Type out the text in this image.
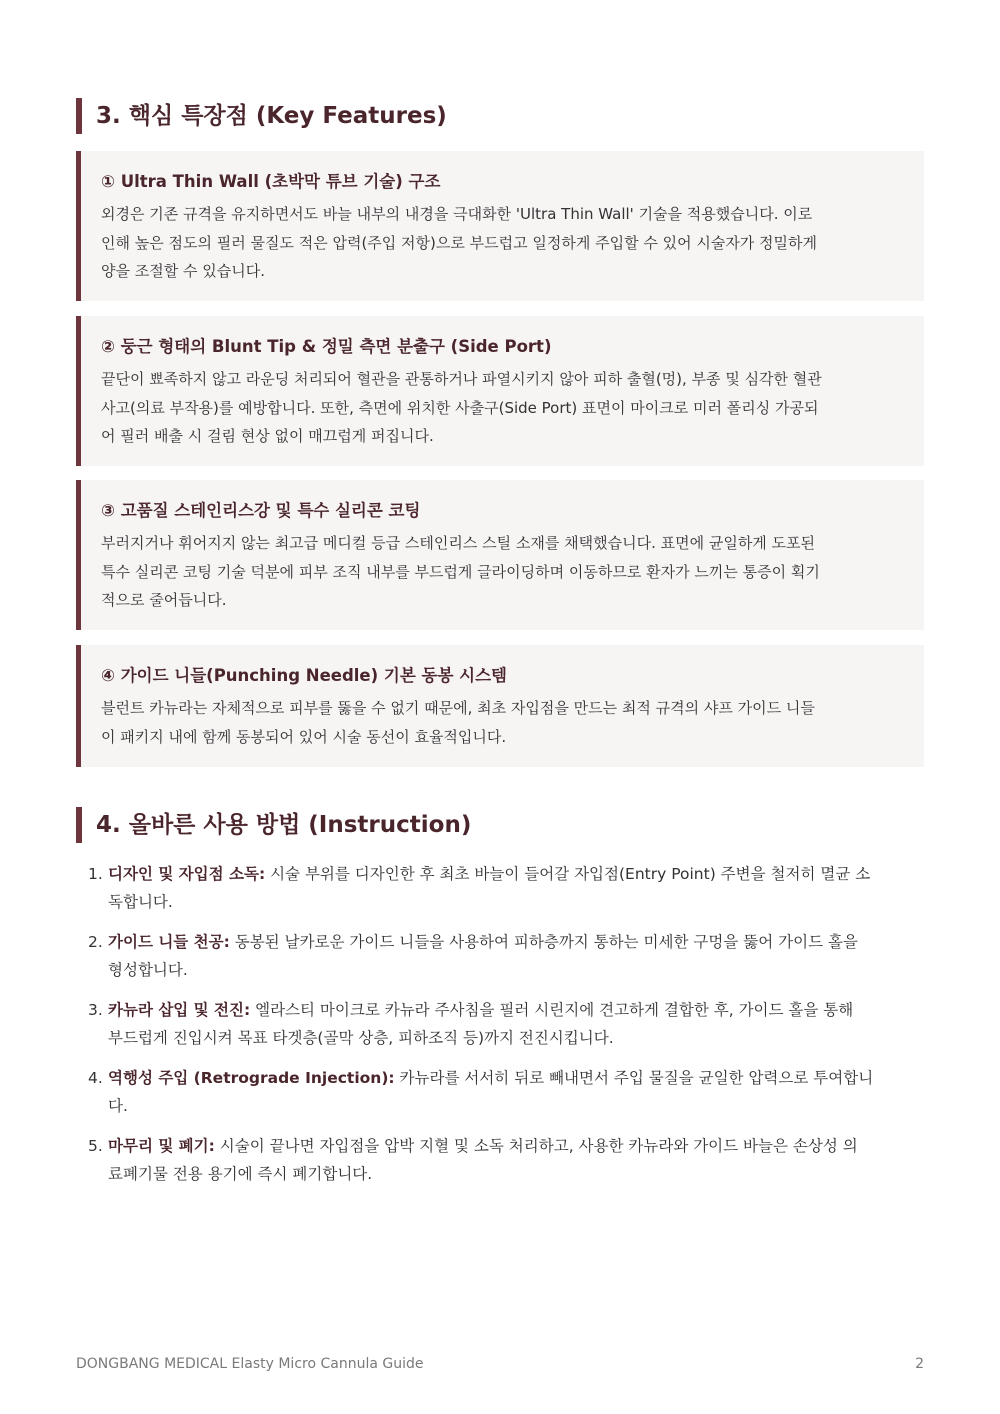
3. 핵심 특장점 (Key Features)
① Ultra Thin Wall (초박막 튜브 기술) 구조
외경은 기존 규격을 유지하면서도 바늘 내부의 내경을 극대화한 'Ultra Thin Wall' 기술을 적용했습니다. 이로
인해 높은 점도의 필러 물질도 적은 압력(주입 저항)으로 부드럽고 일정하게 주입할 수 있어 시술자가 정밀하게
양을 조절할 수 있습니다.
② 둥근 형태의 Blunt Tip & 정밀 측면 분출구 (Side Port)
끝단이 뾰족하지 않고 라운딩 처리되어 혈관을 관통하거나 파열시키지 않아 피하 출혈(멍), 부종 및 심각한 혈관
사고(의료 부작용)를 예방합니다. 또한, 측면에 위치한 사출구(Side Port) 표면이 마이크로 미러 폴리싱 가공되
어 필러 배출 시 걸림 현상 없이 매끄럽게 퍼집니다.
③ 고품질 스테인리스강 및 특수 실리콘 코팅
부러지거나 휘어지지 않는 최고급 메디컬 등급 스테인리스 스틸 소재를 채택했습니다. 표면에 균일하게 도포된
특수 실리콘 코팅 기술 덕분에 피부 조직 내부를 부드럽게 글라이딩하며 이동하므로 환자가 느끼는 통증이 획기
적으로 줄어듭니다.
④ 가이드 니들(Punching Needle) 기본 동봉 시스템
블런트 카뉴라는 자체적으로 피부를 뚫을 수 없기 때문에, 최초 자입점을 만드는 최적 규격의 샤프 가이드 니들
이 패키지 내에 함께 동봉되어 있어 시술 동선이 효율적입니다.
4. 올바른 사용 방법 (Instruction)
1. 디자인 및 자입점 소독: 시술 부위를 디자인한 후 최초 바늘이 들어갈 자입점(Entry Point) 주변을 철저히 멸균 소
독합니다.
2. 가이드 니들 천공: 동봉된 날카로운 가이드 니들을 사용하여 피하층까지 통하는 미세한 구멍을 뚫어 가이드 홀을
형성합니다.
3. 카뉴라 삽입 및 전진: 엘라스티 마이크로 카뉴라 주사침을 필러 시린지에 견고하게 결합한 후, 가이드 홀을 통해
부드럽게 진입시켜 목표 타겟층(골막 상층, 피하조직 등)까지 전진시킵니다.
4. 역행성 주입 (Retrograde Injection): 카뉴라를 서서히 뒤로 빼내면서 주입 물질을 균일한 압력으로 투여합니
다.
5. 마무리 및 폐기: 시술이 끝나면 자입점을 압박 지혈 및 소독 처리하고, 사용한 카뉴라와 가이드 바늘은 손상성 의
료폐기물 전용 용기에 즉시 폐기합니다.
DONGBANG MEDICAL Elasty Micro Cannula Guide	2
